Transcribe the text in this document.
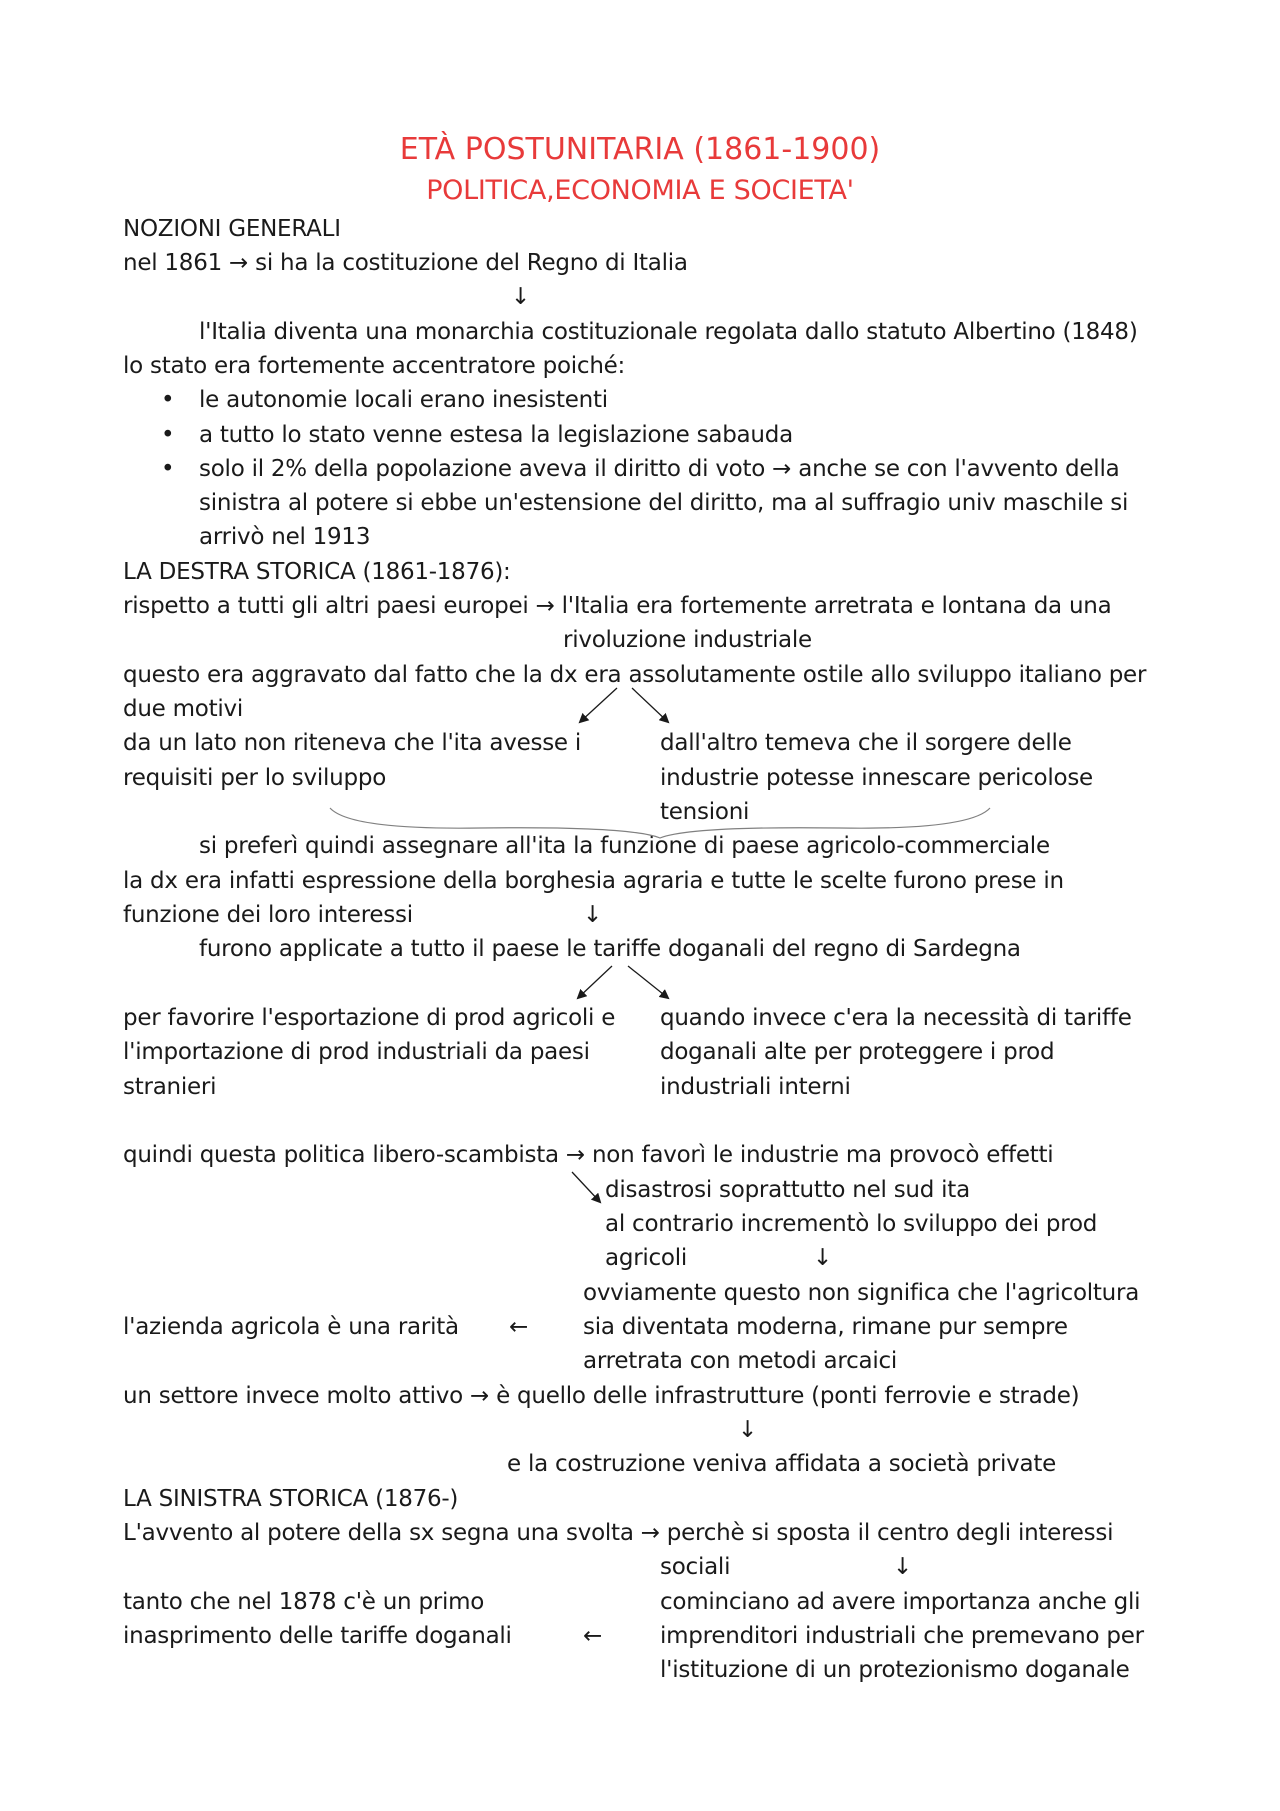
ETÀ POSTUNITARIA (1861-1900)
POLITICA,ECONOMIA E SOCIETA'
NOZIONI GENERALI
nel 1861 → si ha la costituzione del Regno di Italia
↓
l'Italia diventa una monarchia costituzionale regolata dallo statuto Albertino (1848)
lo stato era fortemente accentratore poiché:
• le autonomie locali erano inesistenti
• a tutto lo stato venne estesa la legislazione sabauda
• solo il 2% della popolazione aveva il diritto di voto → anche se con l'avvento della
sinistra al potere si ebbe un'estensione del diritto, ma al suffragio univ maschile si
arrivò nel 1913
LA DESTRA STORICA (1861-1876):
rispetto a tutti gli altri paesi europei → l'Italia era fortemente arretrata e lontana da una
rivoluzione industriale
questo era aggravato dal fatto che la dx era assolutamente ostile allo sviluppo italiano per
due motivi
da un lato non riteneva che l'ita avesse i
requisiti per lo sviluppo
dall'altro temeva che il sorgere delle
industrie potesse innescare pericolose
tensioni
si preferì quindi assegnare all'ita la funzione di paese agricolo-commerciale
la dx era infatti espressione della borghesia agraria e tutte le scelte furono prese in
funzione dei loro interessi	↓
furono applicate a tutto il paese le tariffe doganali del regno di Sardegna
per favorire l'esportazione di prod agricoli e
l'importazione di prod industriali da paesi
stranieri
quando invece c'era la necessità di tariffe
doganali alte per proteggere i prod
industriali interni
quindi questa politica libero-scambista → non favorì le industrie ma provocò effetti
disastrosi soprattutto nel sud ita
al contrario incrementò lo sviluppo dei prod
agricoli	↓
ovviamente questo non significa che l'agricoltura
l'azienda agricola è una rarità ← sia diventata moderna, rimane pur sempre
arretrata con metodi arcaici
un settore invece molto attivo → è quello delle infrastrutture (ponti ferrovie e strade)
↓
e la costruzione veniva affidata a società private
LA SINISTRA STORICA (1876-)
L'avvento al potere della sx segna una svolta → perchè si sposta il centro degli interessi
sociali	↓
tanto che nel 1878 c'è un primo	cominciano ad avere importanza anche gli
inasprimento delle tariffe doganali	←	imprenditori industriali che premevano per
l'istituzione di un protezionismo doganale
